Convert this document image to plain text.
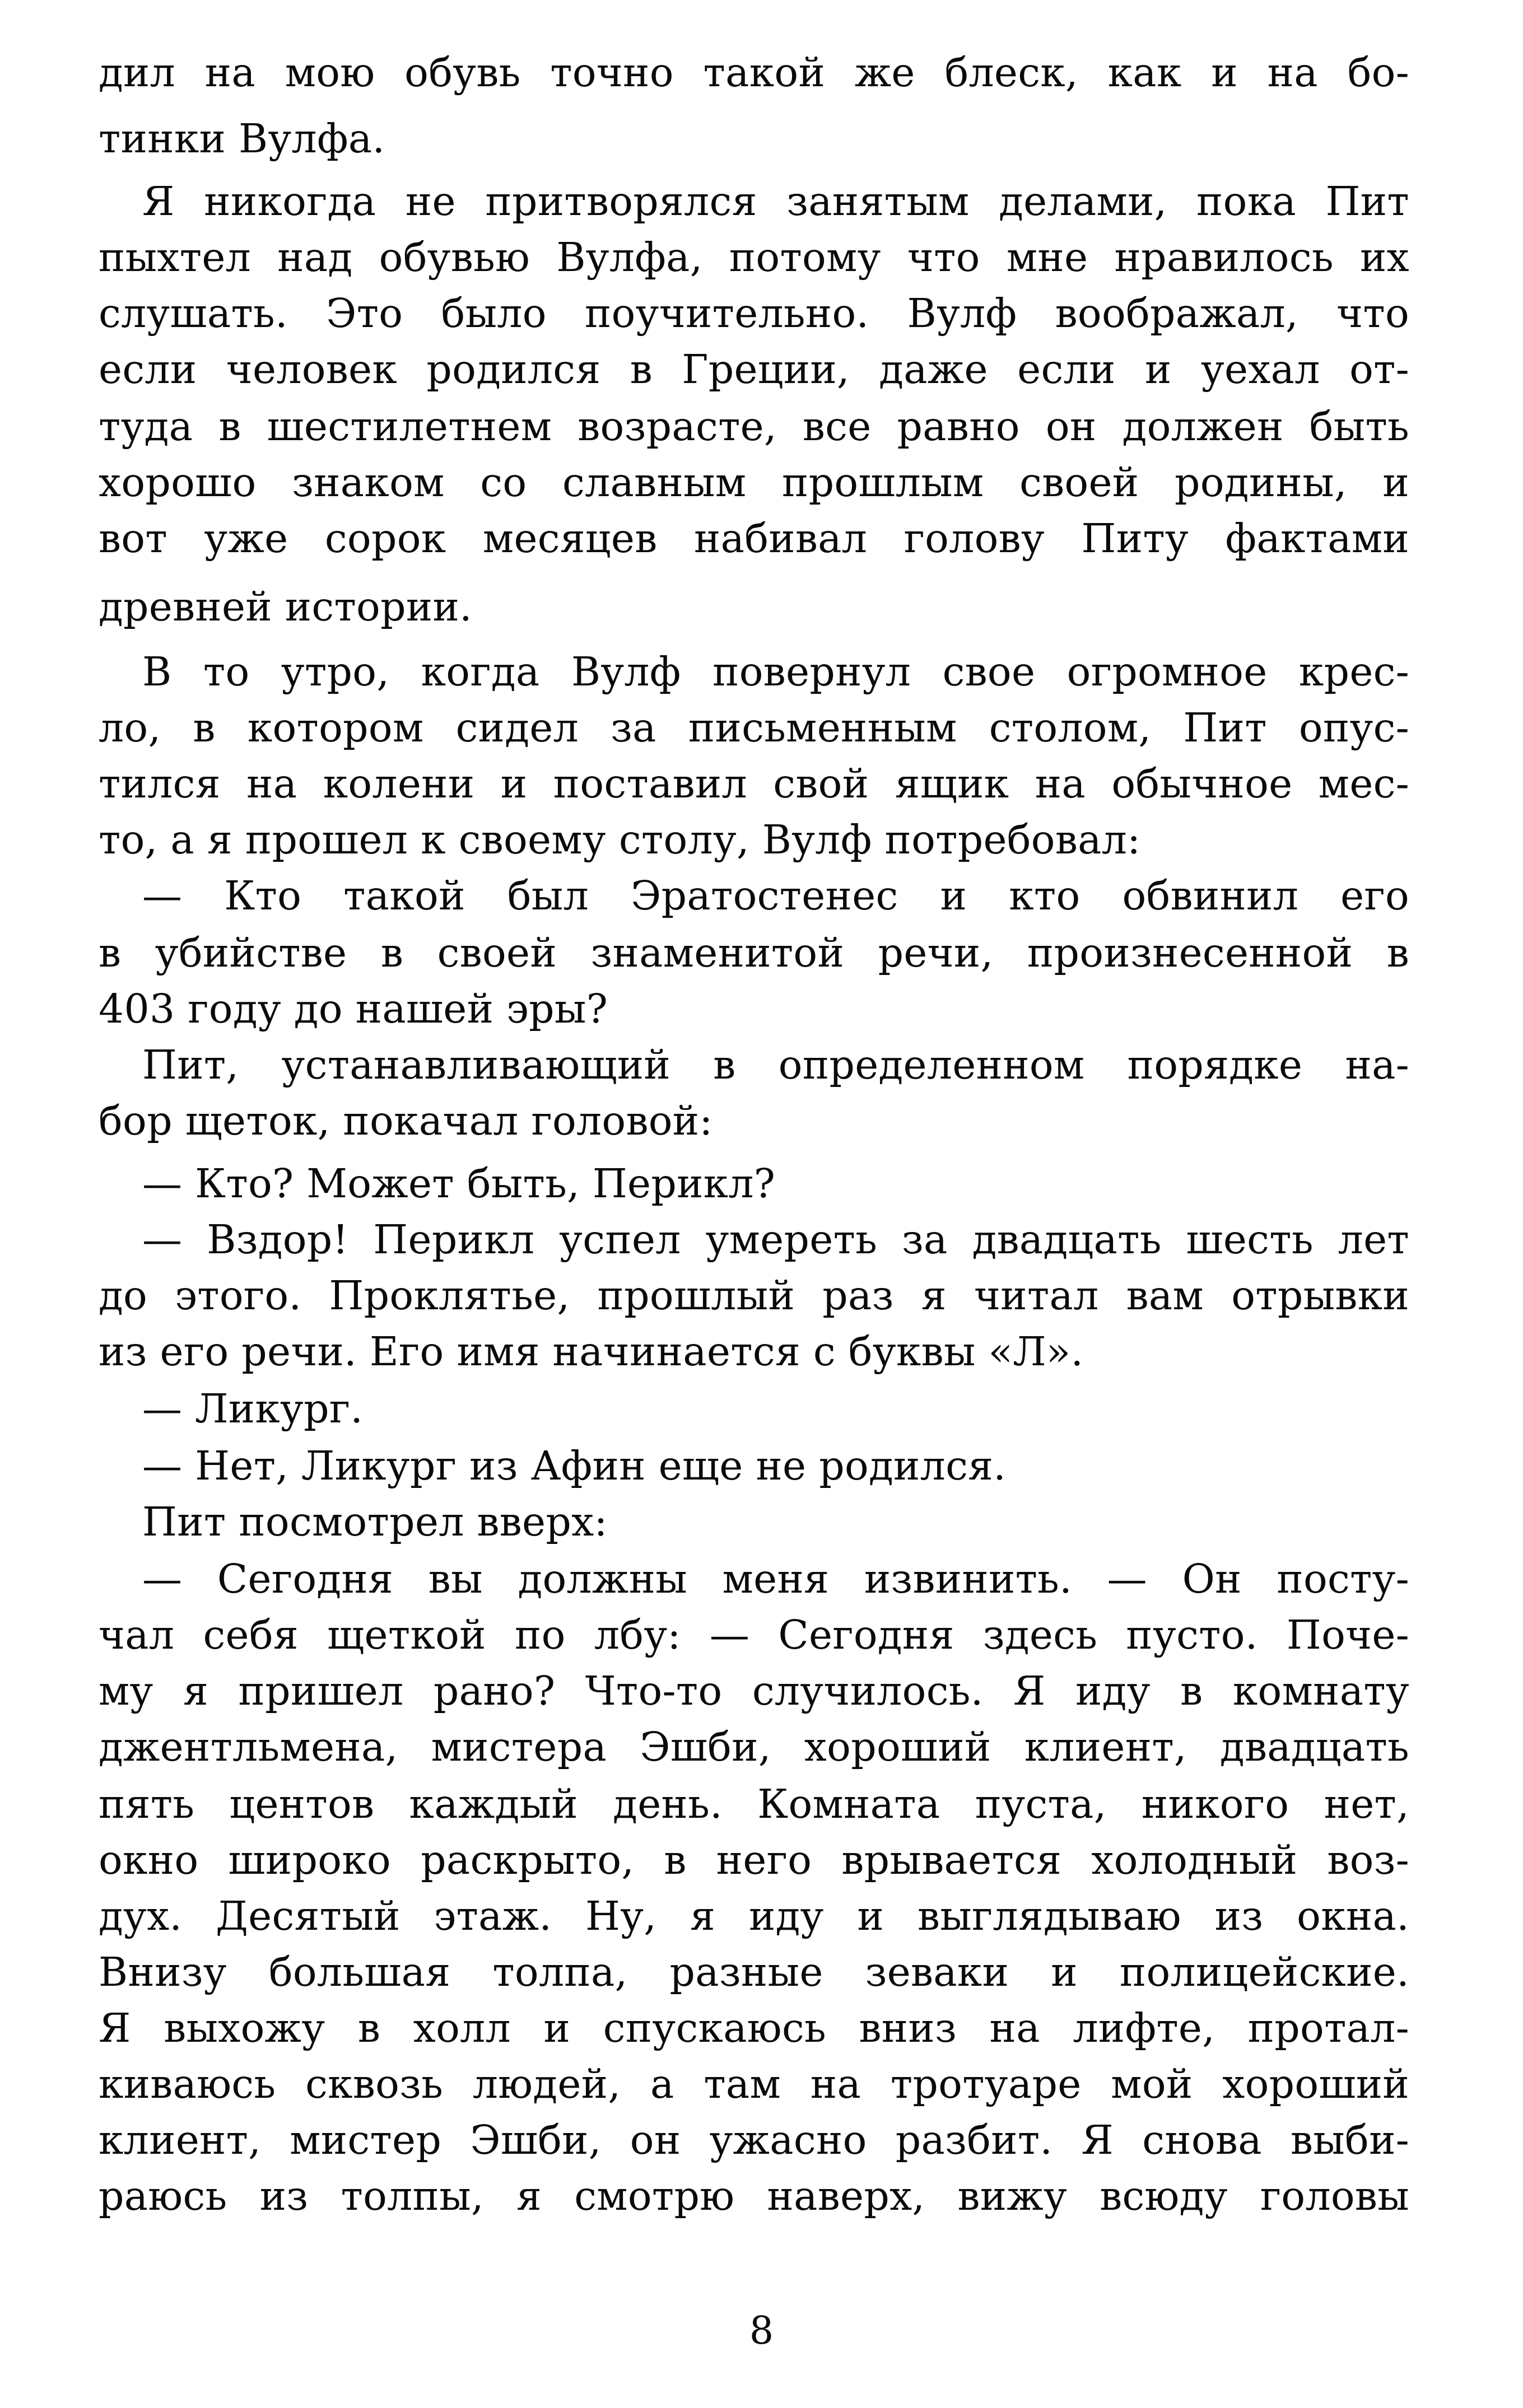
дил на мою обувь точно такой же блеск, как и на бо-
тинки Вулфа.
Я никогда не притворялся занятым делами, пока Пит
пыхтел над обувью Вулфа, потому что мне нравилось их
слушать. Это было поучительно. Вулф воображал, что
если человек родился в Греции, даже если и уехал от-
туда в шестилетнем возрасте, все равно он должен быть
хорошо знаком со славным прошлым своей родины, и
вот уже сорок месяцев набивал голову Питу фактами
древней истории.
В то утро, когда Вулф повернул свое огромное крес-
ло, в котором сидел за письменным столом, Пит опус-
тился на колени и поставил свой ящик на обычное мес-
то, а я прошел к своему столу, Вулф потребовал:
— Кто такой был Эратостенес и кто обвинил его
в убийстве в своей знаменитой речи, произнесенной в
403 году до нашей эры?
Пит, устанавливающий в определенном порядке на-
бор щеток, покачал головой:
— Кто? Может быть, Перикл?
— Вздор! Перикл успел умереть за двадцать шесть лет
до этого. Проклятье, прошлый раз я читал вам отрывки
из его речи. Его имя начинается с буквы «Л».
— Ликург.
— Нет, Ликург из Афин еще не родился.
Пит посмотрел вверх:
— Сегодня вы должны меня извинить. — Он посту-
чал себя щеткой по лбу: — Сегодня здесь пусто. Поче-
му я пришел рано? Что-то случилось. Я иду в комнату
джентльмена, мистера Эшби, хороший клиент, двадцать
пять центов каждый день. Комната пуста, никого нет,
окно широко раскрыто, в него врывается холодный воз-
дух. Десятый этаж. Ну, я иду и выглядываю из окна.
Внизу большая толпа, разные зеваки и полицейские.
Я выхожу в холл и спускаюсь вниз на лифте, протал-
киваюсь сквозь людей, а там на тротуаре мой хороший
клиент, мистер Эшби, он ужасно разбит. Я снова выби-
раюсь из толпы, я смотрю наверх, вижу всюду головы
8
